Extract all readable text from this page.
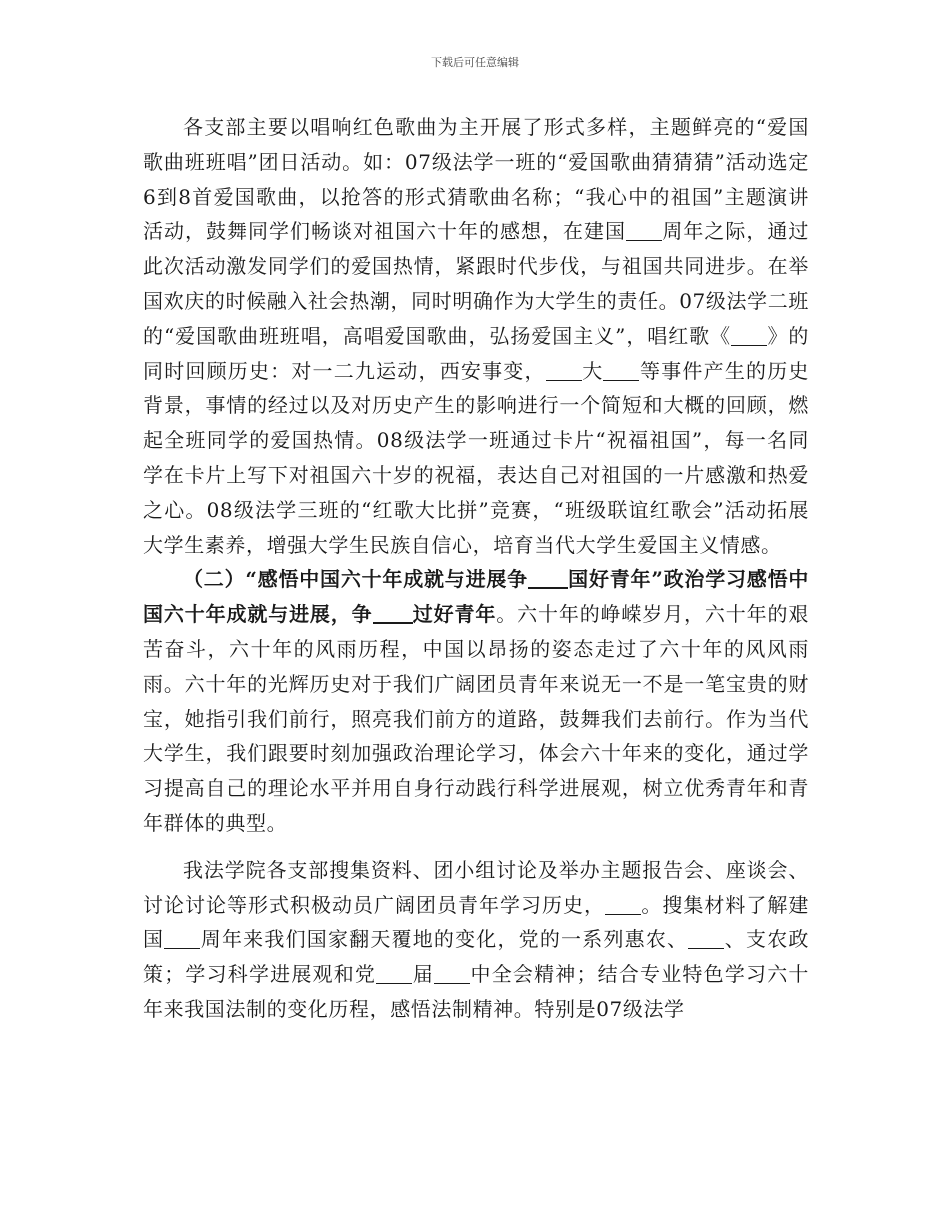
下载后可任意编辑

各支部主要以唱响红色歌曲为主开展了形式多样，主题鲜亮的“爱国歌曲班班唱”团日活动。如：07级法学一班的“爱国歌曲猜猜猜”活动选定6到8首爱国歌曲，以抢答的形式猜歌曲名称；“我心中的祖国”主题演讲活动，鼓舞同学们畅谈对祖国六十年的感想，在建国 周年之际，通过此次活动激发同学们的爱国热情，紧跟时代步伐，与祖国共同进步。在举国欢庆的时候融入社会热潮，同时明确作为大学生的责任。07级法学二班的“爱国歌曲班班唱，高唱爱国歌曲，弘扬爱国主义”，唱红歌《 》的同时回顾历史：对一二九运动，西安事变， 大 等事件产生的历史背景，事情的经过以及对历史产生的影响进行一个简短和大概的回顾，燃起全班同学的爱国热情。08级法学一班通过卡片“祝福祖国”，每一名同学在卡片上写下对祖国六十岁的祝福，表达自己对祖国的一片感激和热爱之心。08级法学三班的“红歌大比拼”竞赛，“班级联谊红歌会”活动拓展大学生素养，增强大学生民族自信心，培育当代大学生爱国主义情感。

（二）“感悟中国六十年成就与进展争 国好青年”政治学习感悟中国六十年成就与进展，争 过好青年。六十年的峥嵘岁月，六十年的艰苦奋斗，六十年的风雨历程，中国以昂扬的姿态走过了六十年的风风雨雨。六十年的光辉历史对于我们广阔团员青年来说无一不是一笔宝贵的财宝，她指引我们前行，照亮我们前方的道路，鼓舞我们去前行。作为当代大学生，我们跟要时刻加强政治理论学习，体会六十年来的变化，通过学习提高自己的理论水平并用自身行动践行科学进展观，树立优秀青年和青年群体的典型。

我法学院各支部搜集资料、团小组讨论及举办主题报告会、座谈会、讨论讨论等形式积极动员广阔团员青年学习历史， 。搜集材料了解建国 周年来我们国家翻天覆地的变化，党的一系列惠农、 、支农政策；学习科学进展观和党 届 中全会精神；结合专业特色学习六十年来我国法制的变化历程，感悟法制精神。特别是07级法学
